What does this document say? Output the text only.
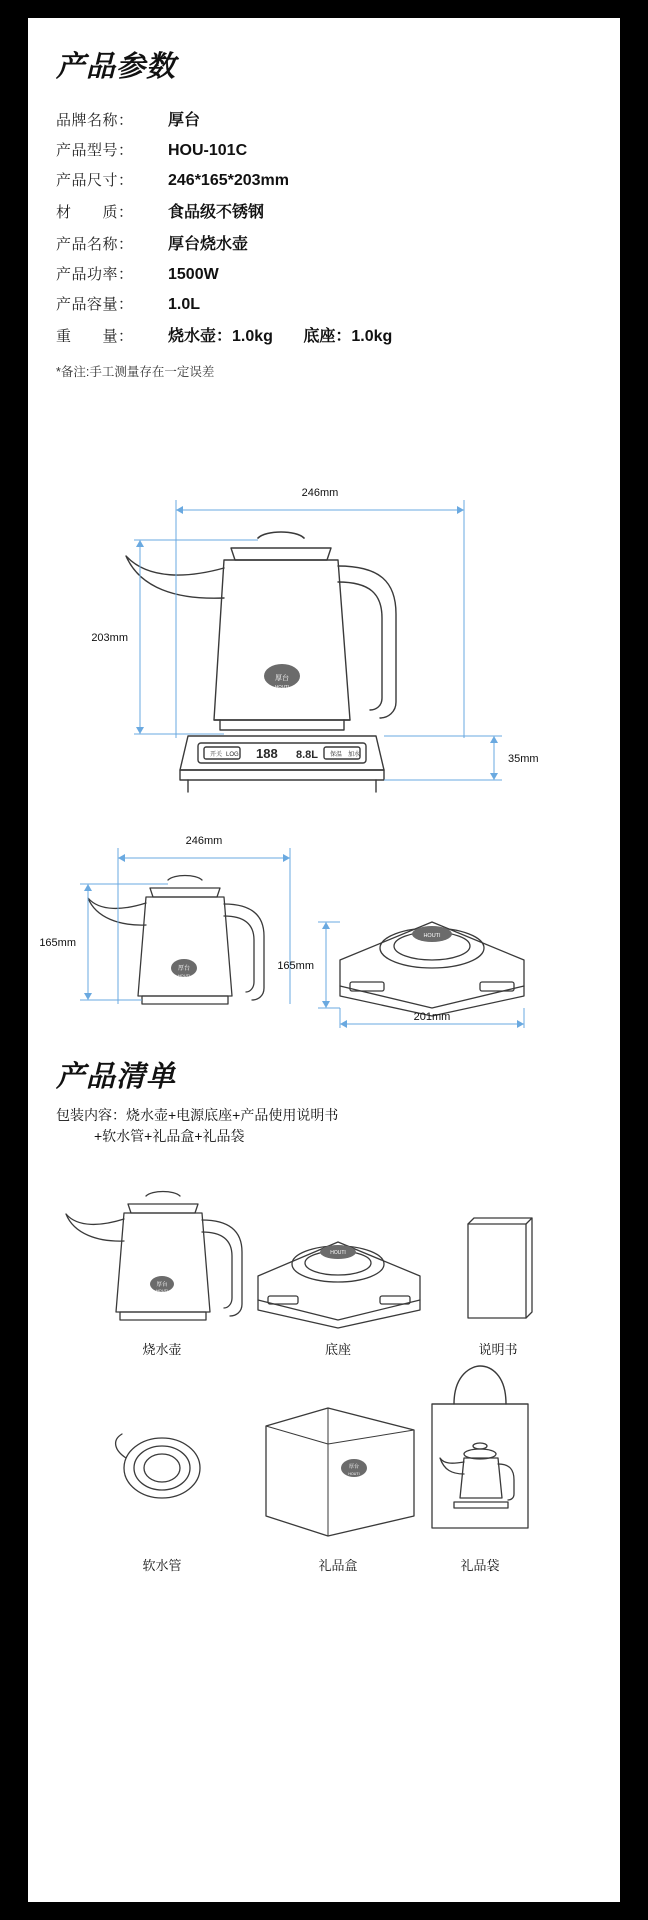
产品参数
品牌名称：	厚台
产品型号：	HOU-101C
产品尺寸：	246*165*203mm
材　　质：	食品级不锈钢
产品名称：	厚台烧水壶
产品功率：	1500W
产品容量：	1.0L
重　　量：	烧水壶：1.0kg 底座：1.0kg
*备注:手工测量存在一定误差
开关 LOG 188 8.8L 保温 加水
厚台
HOUTI
246mm
203mm
35mm
厚台
HOUTI
246mm
165mm
HOUTI
165mm
201mm
产品清单
包装内容：烧水壶+电源底座+产品使用说明书
+软水管+礼品盒+礼品袋
厚台
HOUTI
HOUTI
厚台
HOUTI
烧水壶	底座	说明书
软水管	礼品盒	礼品袋
